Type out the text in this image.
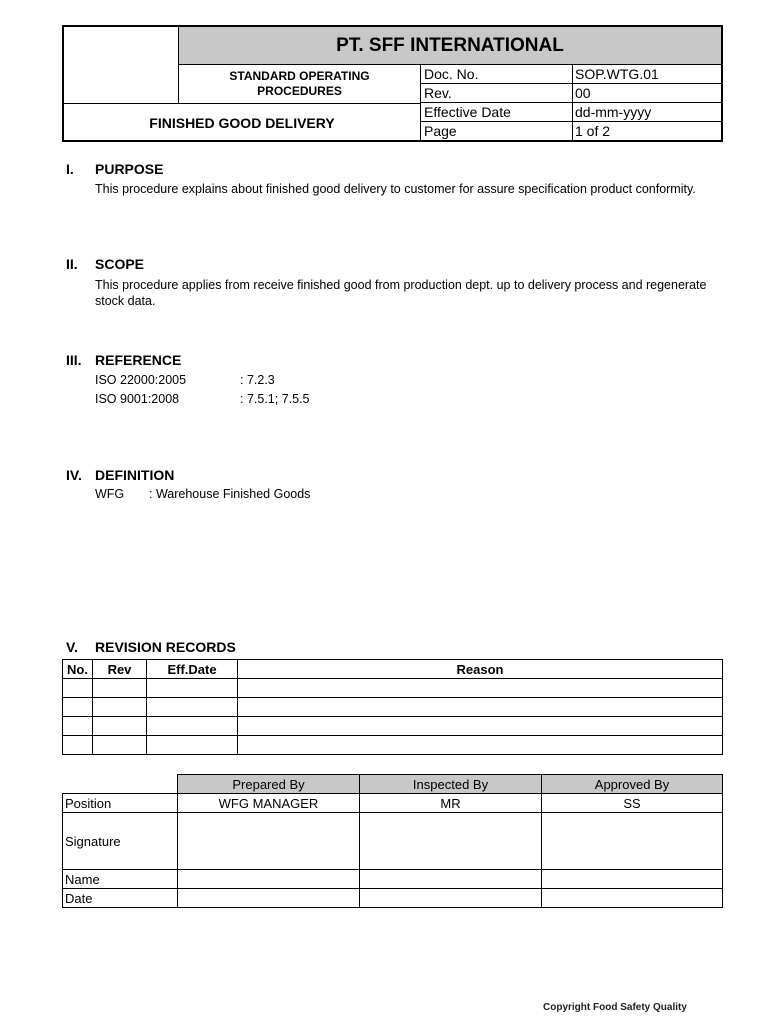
PT. SFF INTERNATIONAL
STANDARD OPERATING
PROCEDURES
FINISHED GOOD DELIVERY
Doc. No.	SOP.WTG.01
Rev.	00
Effective Date	dd-mm-yyyy
Page	1 of 2
I. PURPOSE
This procedure explains about finished good delivery to customer for assure specification product conformity.
II. SCOPE
This procedure applies from receive finished good from production dept. up to delivery process and regenerate stock data.
III. REFERENCE
ISO 22000:2005	: 7.2.3
ISO 9001:2008	: 7.5.1; 7.5.5
IV. DEFINITION
WFG : Warehouse Finished Goods
V. REVISION RECORDS
No.	Rev	Eff.Date	Reason

	Prepared By	Inspected By	Approved By
Position	WFG MANAGER	MR	SS
Signature			
Name			
Date			
Copyright Food Safety Quality
